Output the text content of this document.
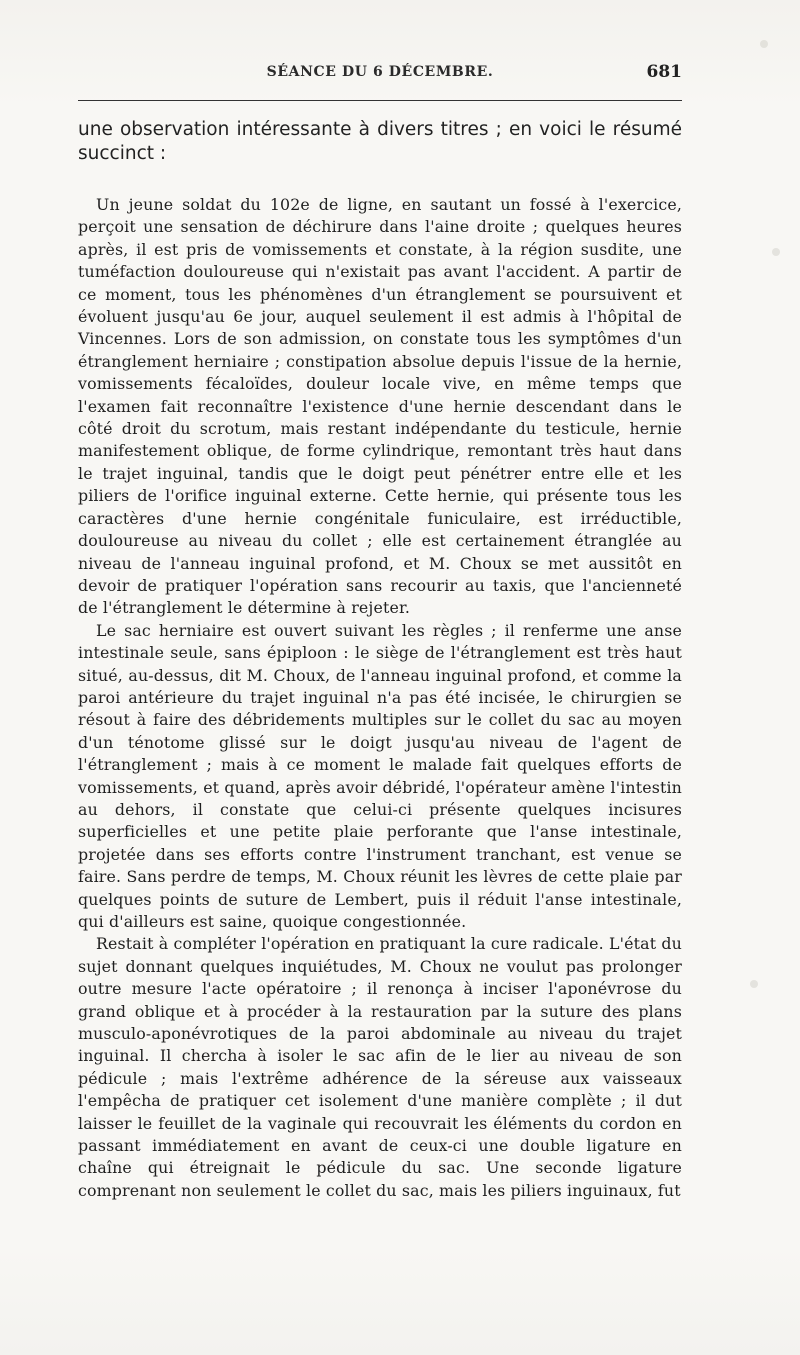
SÉANCE DU 6 DÉCEMBRE.	681

une observation intéressante à divers titres ; en voici le résumé succinct :

Un jeune soldat du 102e de ligne, en sautant un fossé à l'exercice, perçoit une sensation de déchirure dans l'aine droite ; quelques heures après, il est pris de vomissements et constate, à la région susdite, une tuméfaction douloureuse qui n'existait pas avant l'accident. A partir de ce moment, tous les phénomènes d'un étranglement se poursuivent et évoluent jusqu'au 6e jour, auquel seulement il est admis à l'hôpital de Vincennes. Lors de son admission, on constate tous les symptômes d'un étranglement herniaire ; constipation absolue depuis l'issue de la hernie, vomissements fécaloïdes, douleur locale vive, en même temps que l'examen fait reconnaître l'existence d'une hernie descendant dans le côté droit du scrotum, mais restant indépendante du testicule, hernie manifestement oblique, de forme cylindrique, remontant très haut dans le trajet inguinal, tandis que le doigt peut pénétrer entre elle et les piliers de l'orifice inguinal externe. Cette hernie, qui présente tous les caractères d'une hernie congénitale funiculaire, est irréductible, douloureuse au niveau du collet ; elle est certainement étranglée au niveau de l'anneau inguinal profond, et M. Choux se met aussitôt en devoir de pratiquer l'opération sans recourir au taxis, que l'ancienneté de l'étranglement le détermine à rejeter.

Le sac herniaire est ouvert suivant les règles ; il renferme une anse intestinale seule, sans épiploon : le siège de l'étranglement est très haut situé, au-dessus, dit M. Choux, de l'anneau inguinal profond, et comme la paroi antérieure du trajet inguinal n'a pas été incisée, le chirurgien se résout à faire des débridements multiples sur le collet du sac au moyen d'un ténotome glissé sur le doigt jusqu'au niveau de l'agent de l'étranglement ; mais à ce moment le malade fait quelques efforts de vomissements, et quand, après avoir débridé, l'opérateur amène l'intestin au dehors, il constate que celui-ci présente quelques incisures superficielles et une petite plaie perforante que l'anse intestinale, projetée dans ses efforts contre l'instrument tranchant, est venue se faire. Sans perdre de temps, M. Choux réunit les lèvres de cette plaie par quelques points de suture de Lembert, puis il réduit l'anse intestinale, qui d'ailleurs est saine, quoique congestionnée.

Restait à compléter l'opération en pratiquant la cure radicale. L'état du sujet donnant quelques inquiétudes, M. Choux ne voulut pas prolonger outre mesure l'acte opératoire ; il renonça à inciser l'aponévrose du grand oblique et à procéder à la restauration par la suture des plans musculo-aponévrotiques de la paroi abdominale au niveau du trajet inguinal. Il chercha à isoler le sac afin de le lier au niveau de son pédicule ; mais l'extrême adhérence de la séreuse aux vaisseaux l'empêcha de pratiquer cet isolement d'une manière complète ; il dut laisser le feuillet de la vaginale qui recouvrait les éléments du cordon en passant immédiatement en avant de ceux-ci une double ligature en chaîne qui étreignait le pédicule du sac. Une seconde ligature comprenant non seulement le collet du sac, mais les piliers inguinaux, fut
